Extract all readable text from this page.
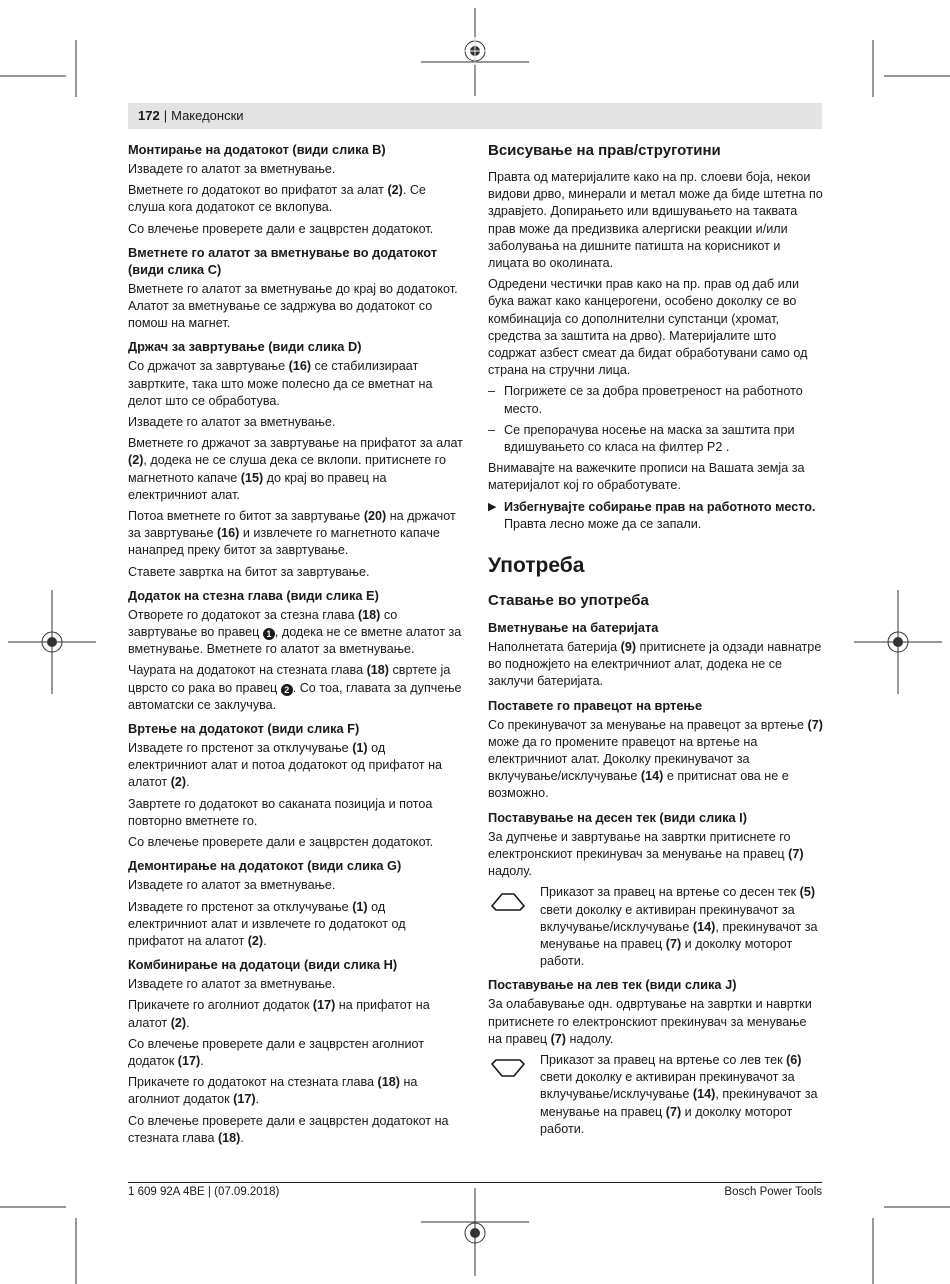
172 | Македонски
Монтирање на додатокот (види слика B)

Извадете го алатот за вметнување.

Вметнете го додатокот во прифатот за алат (2). Се слуша кога додатокот се вклопува.

Со влечење проверете дали е зацврстен додатокот.

Вметнете го алатот за вметнување во додатокот (види слика C)

Вметнете го алатот за вметнување до крај во додатокот. Алатот за вметнување се задржува во додатокот со помош на магнет.

Држач за завртување (види слика D)

Со држачот за завртување (16) се стабилизираат завртките, така што може полесно да се вметнат на делот што се обработува.

Извадете го алатот за вметнување.

Вметнете го држачот за завртување на прифатот за алат (2), додека не се слуша дека се вклопи. притиснете го магнетното капаче (15) до крај во правец на електричниот алат.

Потоа вметнете го битот за завртување (20) на држачот за завртување (16) и извлечете го магнетното капаче нанапред преку битот за завртување.

Ставете завртка на битот за завртување.

Додаток на стезна глава (види слика E)

Отворете го додатокот за стезна глава (18) со завртување во правец 1 , додека не се вметне алатот за вметнување. Вметнете го алатот за вметнување.

Чаурата на додатокот на стезната глава (18) свртете ја цврсто со рака во правец 2 . Со тоа, главата за дупчење автоматски се заклучува.

Вртење на додатокот (види слика F)

Извадете го прстенот за отклучување (1) од електричниот алат и потоа додатокот од прифатот на алатот (2).

Завртете го додатокот во саканата позиција и потоа повторно вметнете го.

Со влечење проверете дали е зацврстен додатокот.

Демонтирање на додатокот (види слика G)

Извадете го алатот за вметнување.

Извадете го прстенот за отклучување (1) од електричниот алат и извлечете го додатокот од прифатот на алатот (2).

Комбинирање на додатоци (види слика H)

Извадете го алатот за вметнување.

Прикачете го аголниот додаток (17) на прифатот на алатот (2).

Со влечење проверете дали е зацврстен аголниот додаток (17).

Прикачете го додатокот на стезната глава (18) на аголниот додаток (17).

Со влечење проверете дали е зацврстен додатокот на стезната глава (18).

Всисување на прав/струготини

Правта од материјалите како на пр. слоеви боја, некои видови дрво, минерали и метал може да биде штетна по здравјето. Допирањето или вдишувањето на таквата прав може да предизвика алергиски реакции и/или заболувања на дишните патишта на корисникот и лицата во околината.

Одредени честички прав како на пр. прав од даб или бука важат како канцерогени, особено доколку се во комбинација со дополнителни супстанци (хромат, средства за заштита на дрво). Материјалите што содржат азбест смеат да бидат обработувани само од страна на стручни лица.

– Погрижете се за добра проветреност на работното место.
– Се препорачува носење на маска за заштита при вдишувањето со класа на филтер P2 .

Внимавајте на важечките прописи на Вашата земја за материјалот кој го обработувате.

▶ Избегнувајте собирање прав на работното место.
Правта лесно може да се запали.
Употреба
Ставање во употреба
Вметнување на батеријата

Наполнетата батерија (9) притиснете ја одзади навнатре во подножјето на електричниот алат, додека не се заклучи батеријата.

Поставете го правецот на вртење

Со прекинувачот за менување на правецот за вртење (7) може да го промените правецот на вртење на електричниот алат. Доколку прекинувачот за вклучување/исклучување (14) е притиснат ова не е возможно.

Поставување на десен тек (види слика I)

За дупчење и завртување на завртки притиснете го електронскиот прекинувач за менување на правец (7) надолу.

Приказот за правец на вртење со десен тек (5) свети доколку е активиран прекинувачот за вклучување/исклучување (14), прекинувачот за менување на правец (7) и доколку моторот работи.
Поставување на лев тек (види слика J)

За олабавување одн. одвртување на завртки и навртки притиснете го електронскиот прекинувач за менување на правец (7) надолу.

Приказот за правец на вртење со лев тек (6) свети доколку е активиран прекинувачот за вклучување/исклучување (14), прекинувачот за менување на правец (7) и доколку моторот работи.
1 609 92A 4BE | (07.09.2018)	Bosch Power Tools
